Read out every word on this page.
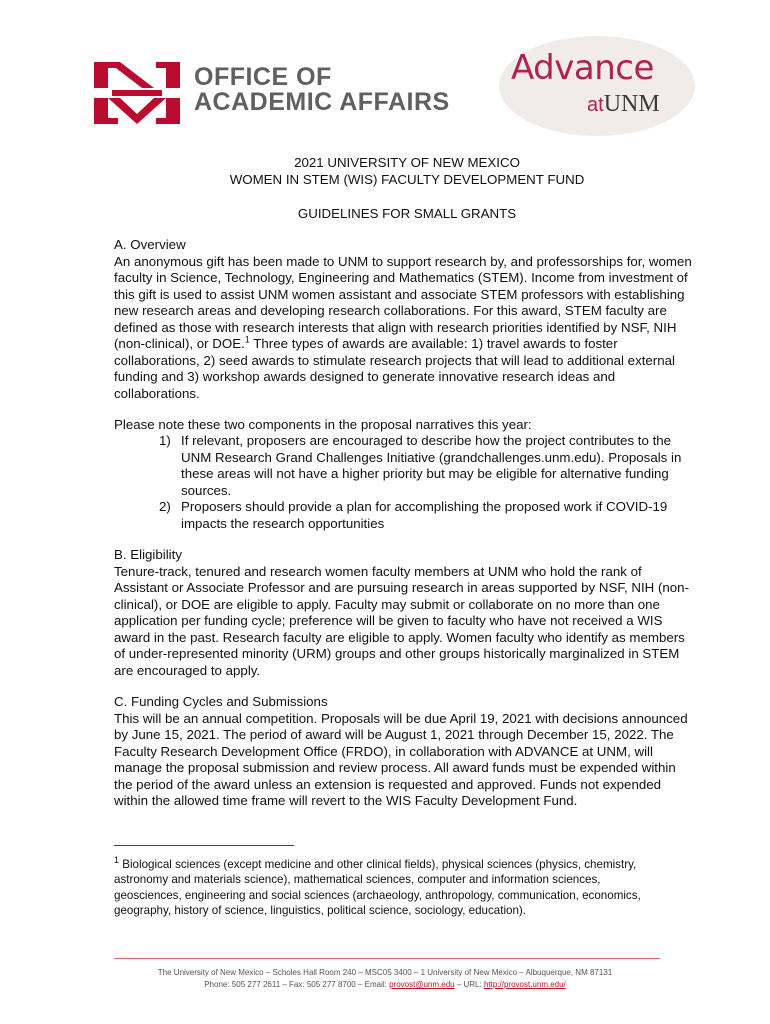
OFFICE OF
ACADEMIC AFFAIRS
Advance
atUNM
2021 UNIVERSITY OF NEW MEXICO
WOMEN IN STEM (WIS) FACULTY DEVELOPMENT FUND
GUIDELINES FOR SMALL GRANTS

A. Overview

An anonymous gift has been made to UNM to support research by, and professorships for, women faculty in Science, Technology, Engineering and Mathematics (STEM). Income from investment of this gift is used to assist UNM women assistant and associate STEM professors with establishing new research areas and developing research collaborations. For this award, STEM faculty are defined as those with research interests that align with research priorities identified by NSF, NIH (non-clinical), or DOE.$^1$ Three types of awards are available: 1) travel awards to foster collaborations, 2) seed awards to stimulate research projects that will lead to additional external funding and 3) workshop awards designed to generate innovative research ideas and collaborations.

Please note these two components in the proposal narratives this year:
1) If relevant, proposers are encouraged to describe how the project contributes to the UNM Research Grand Challenges Initiative (grandchallenges.unm.edu). Proposals in these areas will not have a higher priority but may be eligible for alternative funding sources.
2) Proposers should provide a plan for accomplishing the proposed work if COVID-19 impacts the research opportunities

B. Eligibility

Tenure-track, tenured and research women faculty members at UNM who hold the rank of Assistant or Associate Professor and are pursuing research in areas supported by NSF, NIH (non-clinical), or DOE are eligible to apply. Faculty may submit or collaborate on no more than one application per funding cycle; preference will be given to faculty who have not received a WIS award in the past. Research faculty are eligible to apply. Women faculty who identify as members of under-represented minority (URM) groups and other groups historically marginalized in STEM are encouraged to apply.

C. Funding Cycles and Submissions

This will be an annual competition. Proposals will be due April 19, 2021 with decisions announced by June 15, 2021. The period of award will be August 1, 2021 through December 15, 2022. The Faculty Research Development Office (FRDO), in collaboration with ADVANCE at UNM, will manage the proposal submission and review process. All award funds must be expended within the period of the award unless an extension is requested and approved. Funds not expended within the allowed time frame will revert to the WIS Faculty Development Fund.

$^1$ Biological sciences (except medicine and other clinical fields), physical sciences (physics, chemistry, astronomy and materials science), mathematical sciences, computer and information sciences, geosciences, engineering and social sciences (archaeology, anthropology, communication, economics, geography, history of science, linguistics, political science, sociology, education).
The University of New Mexico – Scholes Hall Room 240 – MSC05 3400 – 1 University of New Mexico – Albuquerque, NM 87131
Phone: 505 277 2611 – Fax: 505 277 8700 – Email: provost@unm.edu – URL: http://provost.unm.edu/
